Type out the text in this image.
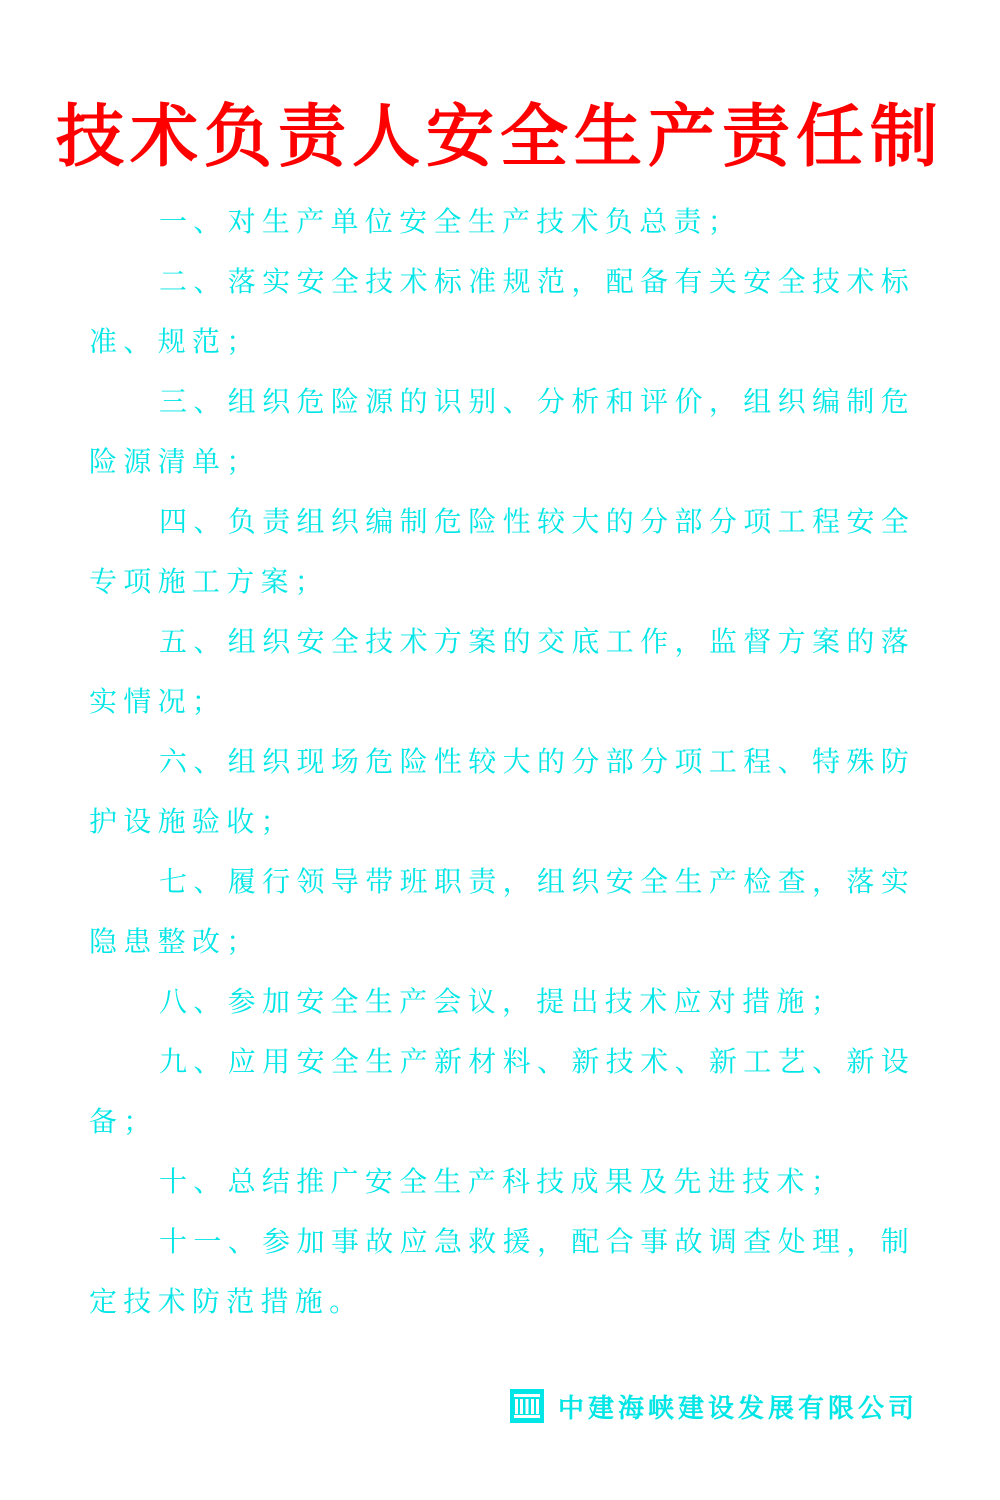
技术负责人安全生产责任制

一、对生产单位安全生产技术负总责；

二、落实安全技术标准规范，配备有关安全技术标准、规范；

三、组织危险源的识别、分析和评价，组织编制危险源清单；

四、负责组织编制危险性较大的分部分项工程安全专项施工方案；

五、组织安全技术方案的交底工作，监督方案的落实情况；

六、组织现场危险性较大的分部分项工程、特殊防护设施验收；

七、履行领导带班职责，组织安全生产检查，落实隐患整改；

八、参加安全生产会议，提出技术应对措施；

九、应用安全生产新材料、新技术、新工艺、新设备；

十、总结推广安全生产科技成果及先进技术；

十一、参加事故应急救援，配合事故调查处理，制定技术防范措施。

中建海峡建设发展有限公司
